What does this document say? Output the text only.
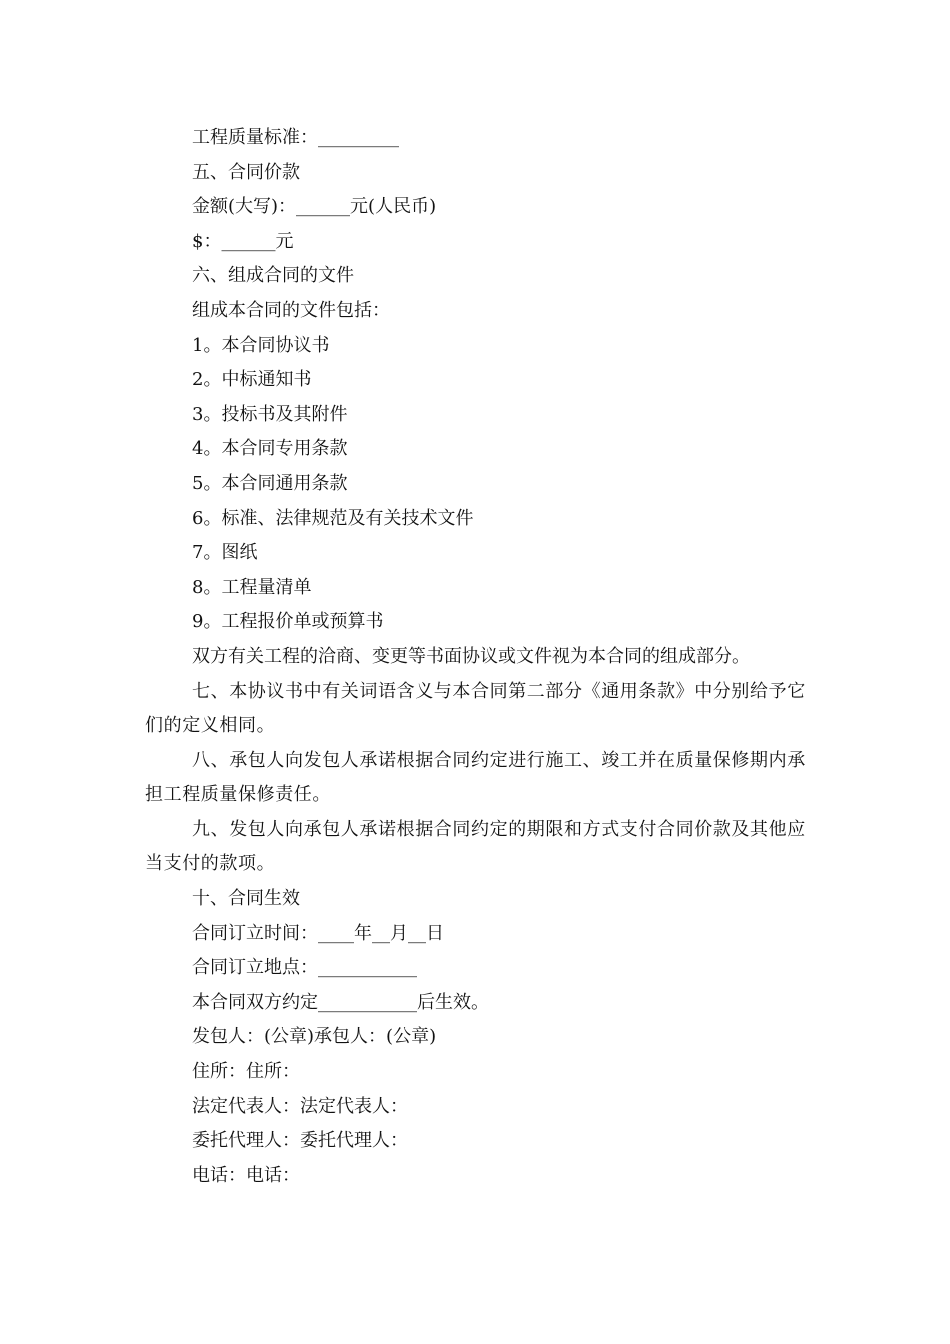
工程质量标准：_________
五、合同价款
金额(大写)：______元(人民币)
$：______元
六、组成合同的文件
组成本合同的文件包括：
1。本合同协议书
2。中标通知书
3。投标书及其附件
4。本合同专用条款
5。本合同通用条款
6。标准、法律规范及有关技术文件
7。图纸
8。工程量清单
9。工程报价单或预算书
双方有关工程的洽商、变更等书面协议或文件视为本合同的组成部分。
七、本协议书中有关词语含义与本合同第二部分《通用条款》中分别给予它们的定义相同。
八、承包人向发包人承诺根据合同约定进行施工、竣工并在质量保修期内承担工程质量保修责任。
九、发包人向承包人承诺根据合同约定的期限和方式支付合同价款及其他应当支付的款项。
十、合同生效
合同订立时间：____年__月__日
合同订立地点：___________
本合同双方约定___________后生效。
发包人：(公章)承包人：(公章)
住所：住所：
法定代表人：法定代表人：
委托代理人：委托代理人：
电话：电话：
